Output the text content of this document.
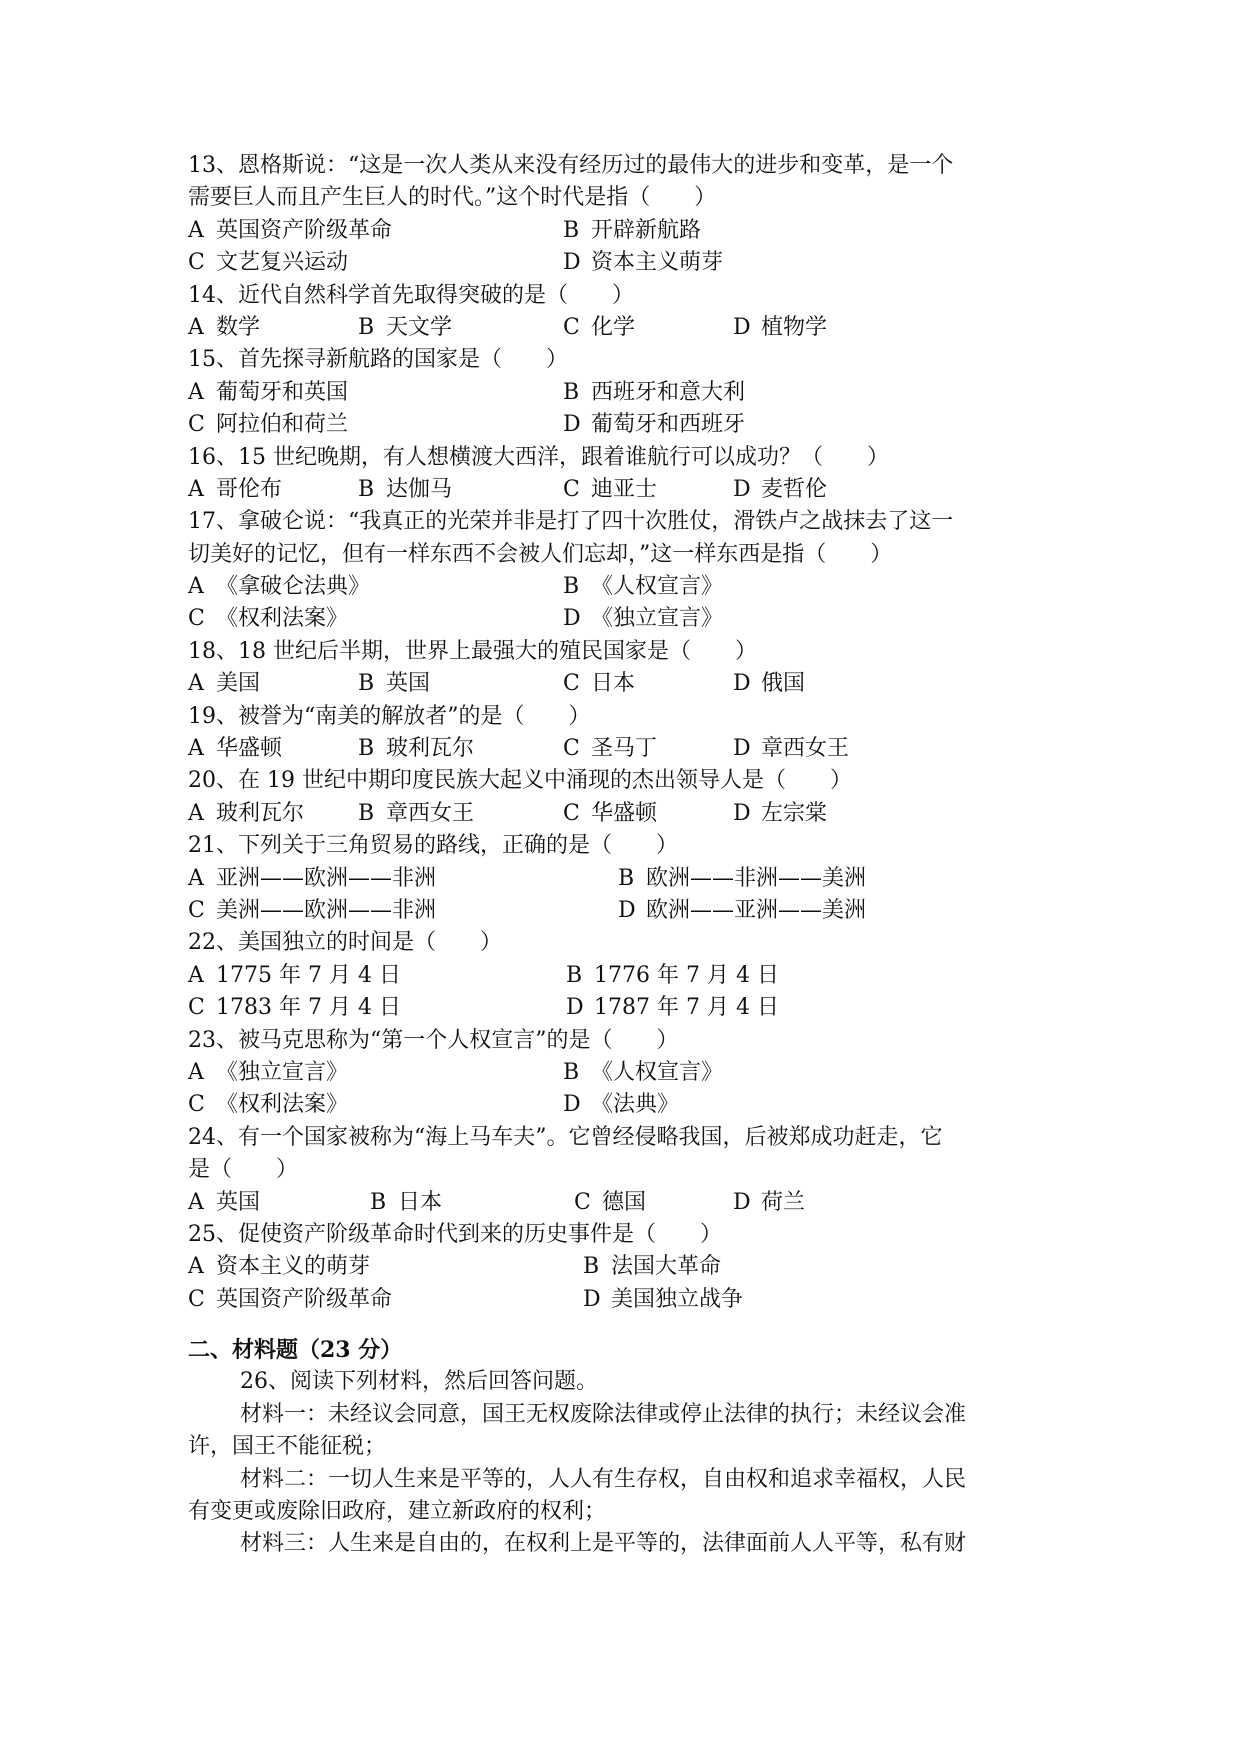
13、恩格斯说：“这是一次人类从来没有经历过的最伟大的进步和变革，是一个
需要巨人而且产生巨人的时代。”这个时代是指（　　）
A 英国资产阶级革命	B 开辟新航路
C 文艺复兴运动	D 资本主义萌芽
14、近代自然科学首先取得突破的是（　　）
A 数学	B 天文学	C 化学	D 植物学
15、首先探寻新航路的国家是（　　）
A 葡萄牙和英国	B 西班牙和意大利
C 阿拉伯和荷兰	D 葡萄牙和西班牙
16、15 世纪晚期，有人想横渡大西洋，跟着谁航行可以成功？（　　）
A 哥伦布	B 达伽马	C 迪亚士	D 麦哲伦
17、拿破仑说：“我真正的光荣并非是打了四十次胜仗，滑铁卢之战抹去了这一
切美好的记忆，但有一样东西不会被人们忘却，”这一样东西是指（　　）
A 《拿破仑法典》	B 《人权宣言》
C 《权利法案》	D 《独立宣言》
18、18 世纪后半期，世界上最强大的殖民国家是（　　）
A 美国	B 英国	C 日本	D 俄国
19、被誉为“南美的解放者”的是（　　）
A 华盛顿	B 玻利瓦尔	C 圣马丁	D 章西女王
20、在 19 世纪中期印度民族大起义中涌现的杰出领导人是（　　）
A 玻利瓦尔 B 章西女王	C 华盛顿	D 左宗棠
21、下列关于三角贸易的路线，正确的是（　　）
A 亚洲——欧洲——非洲	B 欧洲——非洲——美洲
C 美洲——欧洲——非洲	D 欧洲——亚洲——美洲
22、美国独立的时间是（　　）
A 1775 年 7 月 4 日	B 1776 年 7 月 4 日
C 1783 年 7 月 4 日	D 1787 年 7 月 4 日
23、被马克思称为“第一个人权宣言”的是（　　）
A 《独立宣言》	B 《人权宣言》
C 《权利法案》	D 《法典》
24、有一个国家被称为“海上马车夫”。它曾经侵略我国，后被郑成功赶走，它
是（　　）
A 英国	B 日本	C 德国	D 荷兰
25、促使资产阶级革命时代到来的历史事件是（　　）
A 资本主义的萌芽	B 法国大革命
C 英国资产阶级革命	D 美国独立战争
二、材料题（23 分）
26、阅读下列材料，然后回答问题。
材料一：未经议会同意，国王无权废除法律或停止法律的执行；未经议会准
许，国王不能征税；
材料二：一切人生来是平等的，人人有生存权，自由权和追求幸福权，人民
有变更或废除旧政府，建立新政府的权利；
材料三：人生来是自由的，在权利上是平等的，法律面前人人平等，私有财
